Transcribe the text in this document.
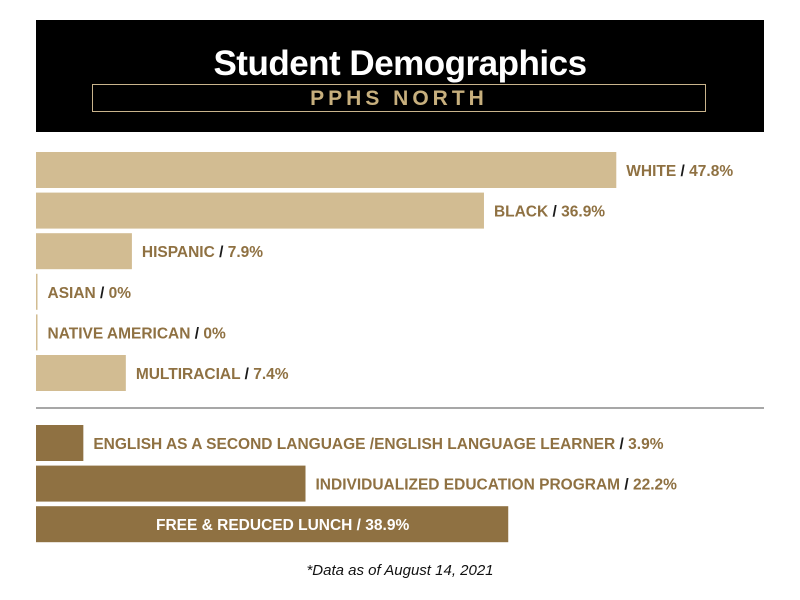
Student Demographics
PPHS NORTH
WHITE / 47.8%
BLACK / 36.9%
HISPANIC / 7.9%
ASIAN / 0%
NATIVE AMERICAN / 0%
MULTIRACIAL / 7.4%
ENGLISH AS A SECOND LANGUAGE /ENGLISH LANGUAGE LEARNER / 3.9%
INDIVIDUALIZED EDUCATION PROGRAM / 22.2%
FREE & REDUCED LUNCH / 38.9%
*Data as of August 14, 2021
